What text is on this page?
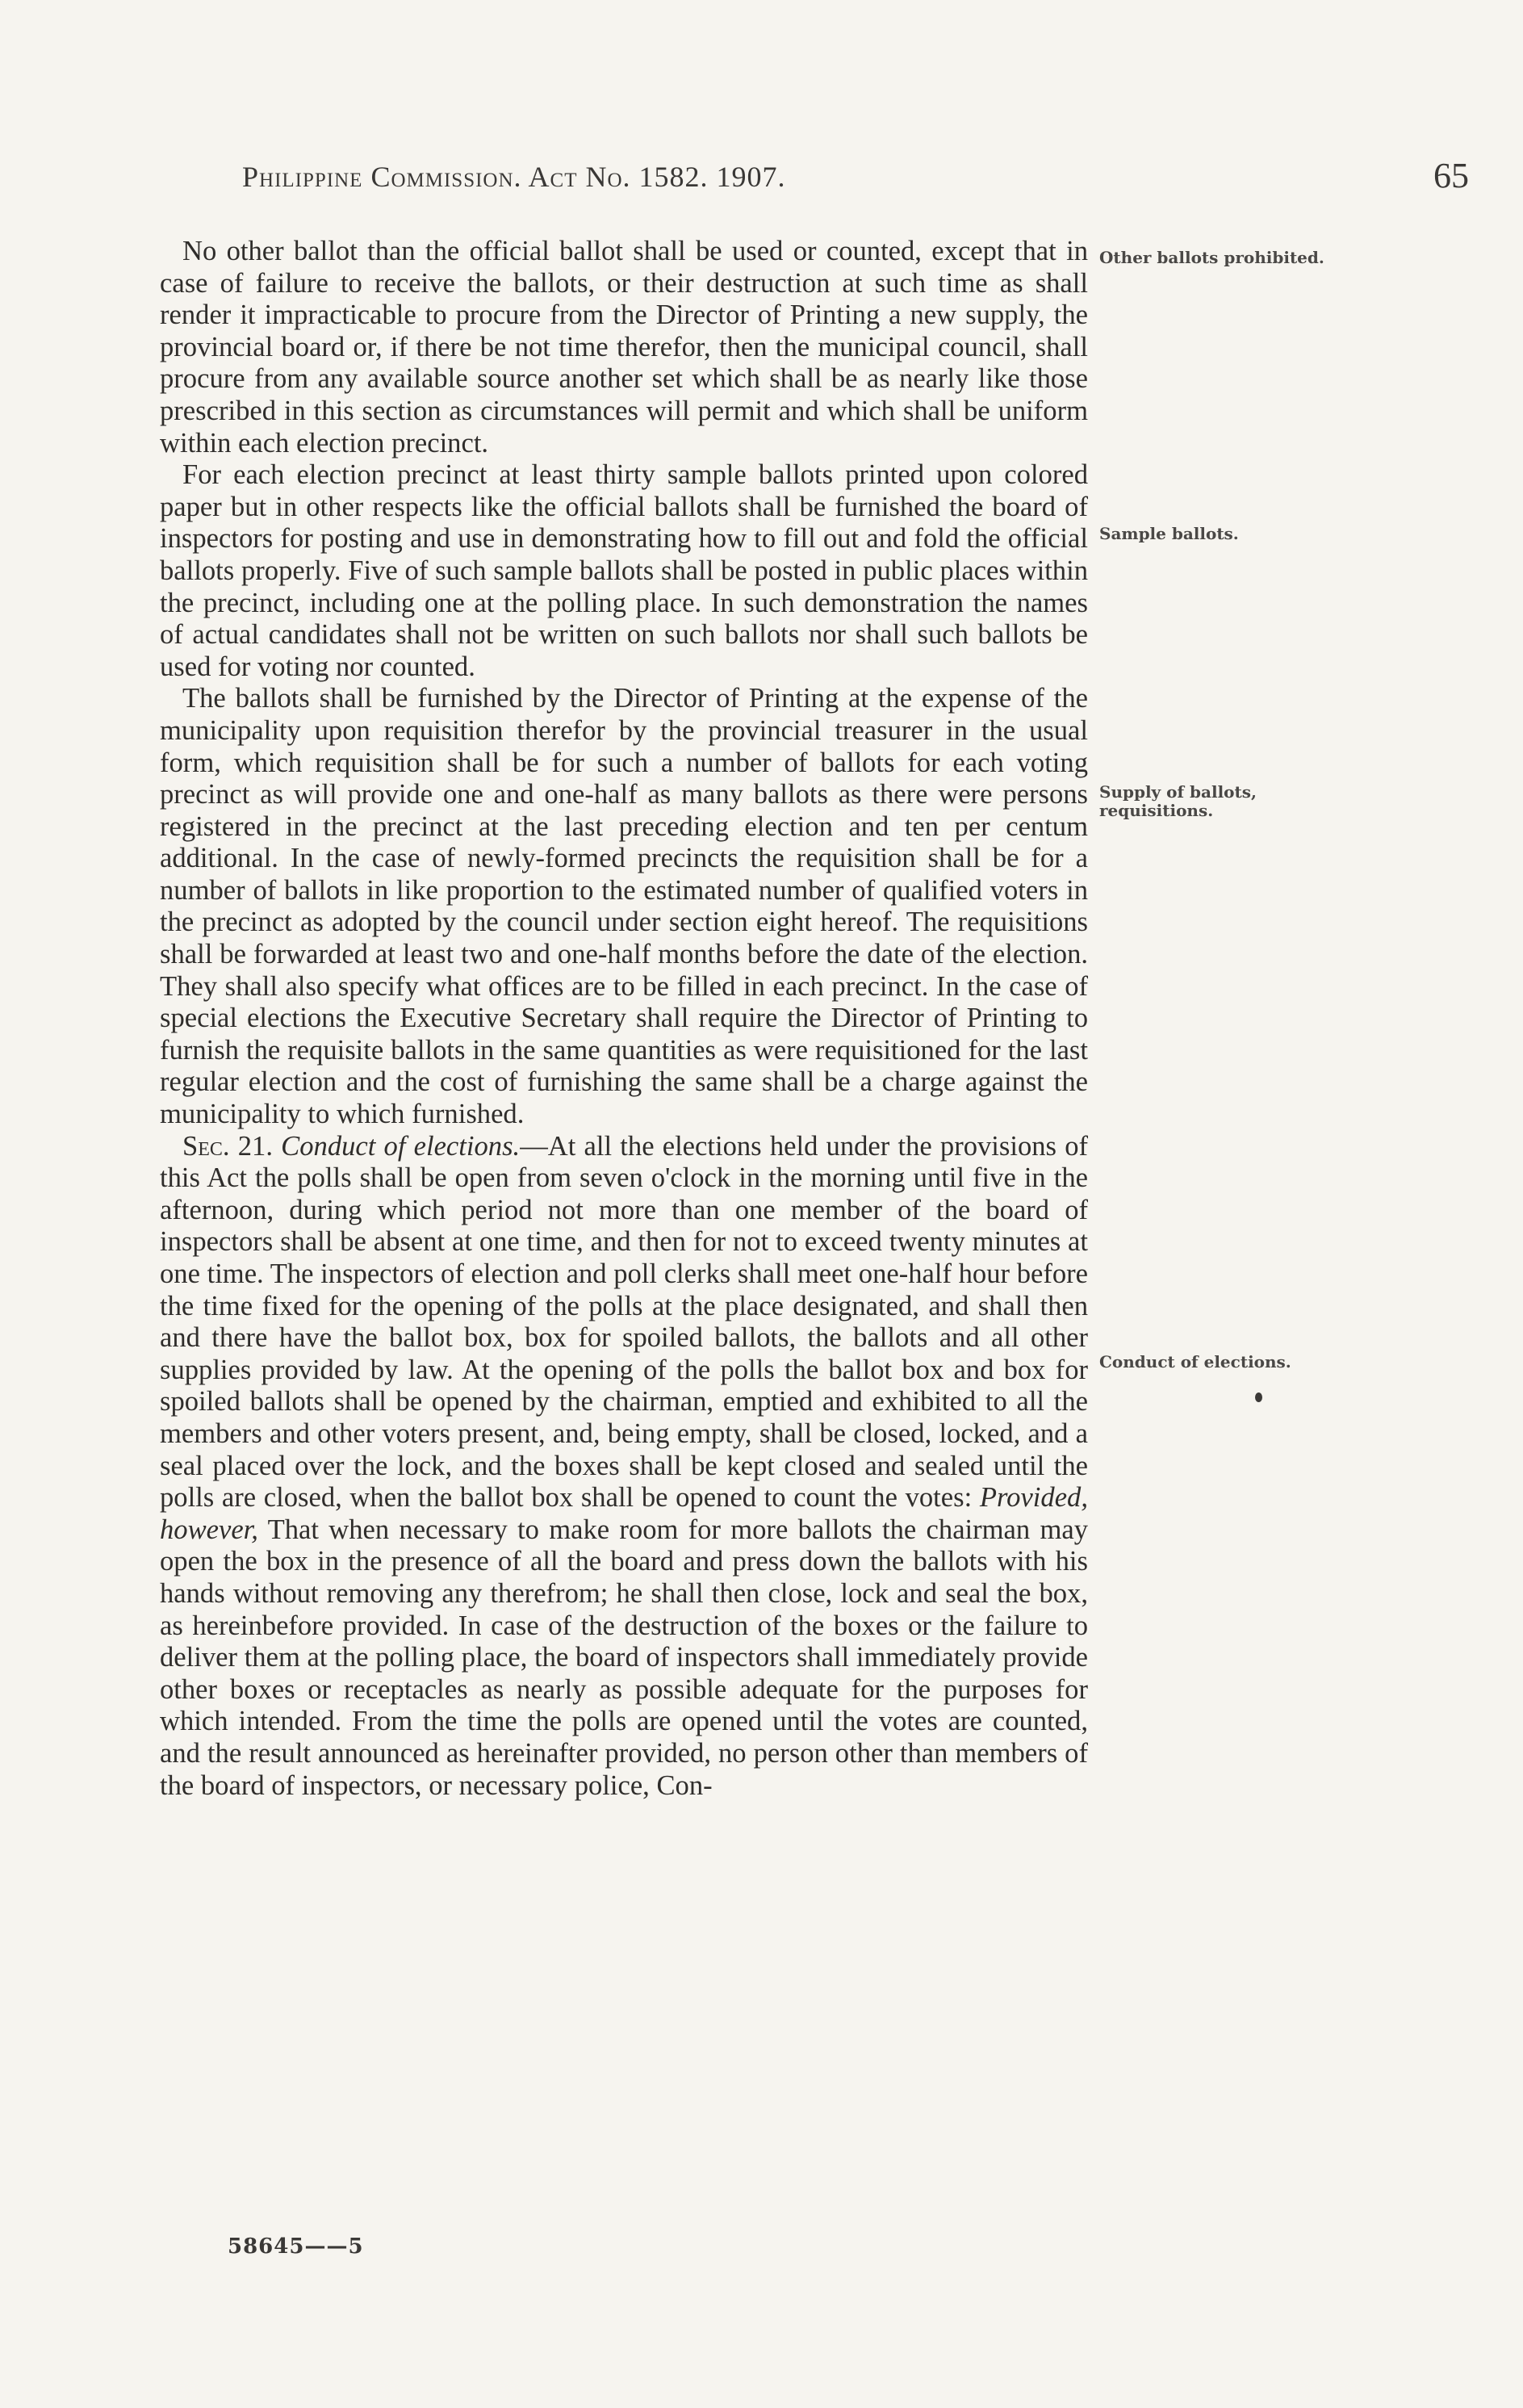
Philippine Commission. Act No. 1582. 1907.	65

No other ballot than the official ballot shall be used or counted, except that in case of failure to receive the ballots, or their destruction at such time as shall render it impracticable to procure from the Director of Printing a new supply, the provincial board or, if there be not time therefor, then the municipal council, shall procure from any available source another set which shall be as nearly like those prescribed in this section as circumstances will permit and which shall be uniform within each election precinct.

For each election precinct at least thirty sample ballots printed upon colored paper but in other respects like the official ballots shall be furnished the board of inspectors for posting and use in demonstrating how to fill out and fold the official ballots properly. Five of such sample ballots shall be posted in public places within the precinct, including one at the polling place. In such demonstration the names of actual candidates shall not be written on such ballots nor shall such ballots be used for voting nor counted.

The ballots shall be furnished by the Director of Printing at the expense of the municipality upon requisition therefor by the provincial treasurer in the usual form, which requisition shall be for such a number of ballots for each voting precinct as will provide one and one-half as many ballots as there were persons registered in the precinct at the last preceding election and ten per centum additional. In the case of newly-formed precincts the requisition shall be for a number of ballots in like proportion to the estimated number of qualified voters in the precinct as adopted by the council under section eight hereof. The requisitions shall be forwarded at least two and one-half months before the date of the election. They shall also specify what offices are to be filled in each precinct. In the case of special elections the Executive Secretary shall require the Director of Printing to furnish the requisite ballots in the same quantities as were requisitioned for the last regular election and the cost of furnishing the same shall be a charge against the municipality to which furnished.

Sec. 21. Conduct of elections.—At all the elections held under the provisions of this Act the polls shall be open from seven o'clock in the morning until five in the afternoon, during which period not more than one member of the board of inspectors shall be absent at one time, and then for not to exceed twenty minutes at one time. The inspectors of election and poll clerks shall meet one-half hour before the time fixed for the opening of the polls at the place designated, and shall then and there have the ballot box, box for spoiled ballots, the ballots and all other supplies provided by law. At the opening of the polls the ballot box and box for spoiled ballots shall be opened by the chairman, emptied and exhibited to all the members and other voters present, and, being empty, shall be closed, locked, and a seal placed over the lock, and the boxes shall be kept closed and sealed until the polls are closed, when the ballot box shall be opened to count the votes: Provided, however, That when necessary to make room for more ballots the chairman may open the box in the presence of all the board and press down the ballots with his hands without removing any therefrom; he shall then close, lock and seal the box, as hereinbefore provided. In case of the destruction of the boxes or the failure to deliver them at the polling place, the board of inspectors shall immediately provide other boxes or receptacles as nearly as possible adequate for the purposes for which intended. From the time the polls are opened until the votes are counted, and the result announced as hereinafter provided, no person other than members of the board of inspectors, or necessary police, Con-

Other ballots prohibited.
Sample ballots.
Supply of ballots, requisitions.
Conduct of elections.
58645——5
